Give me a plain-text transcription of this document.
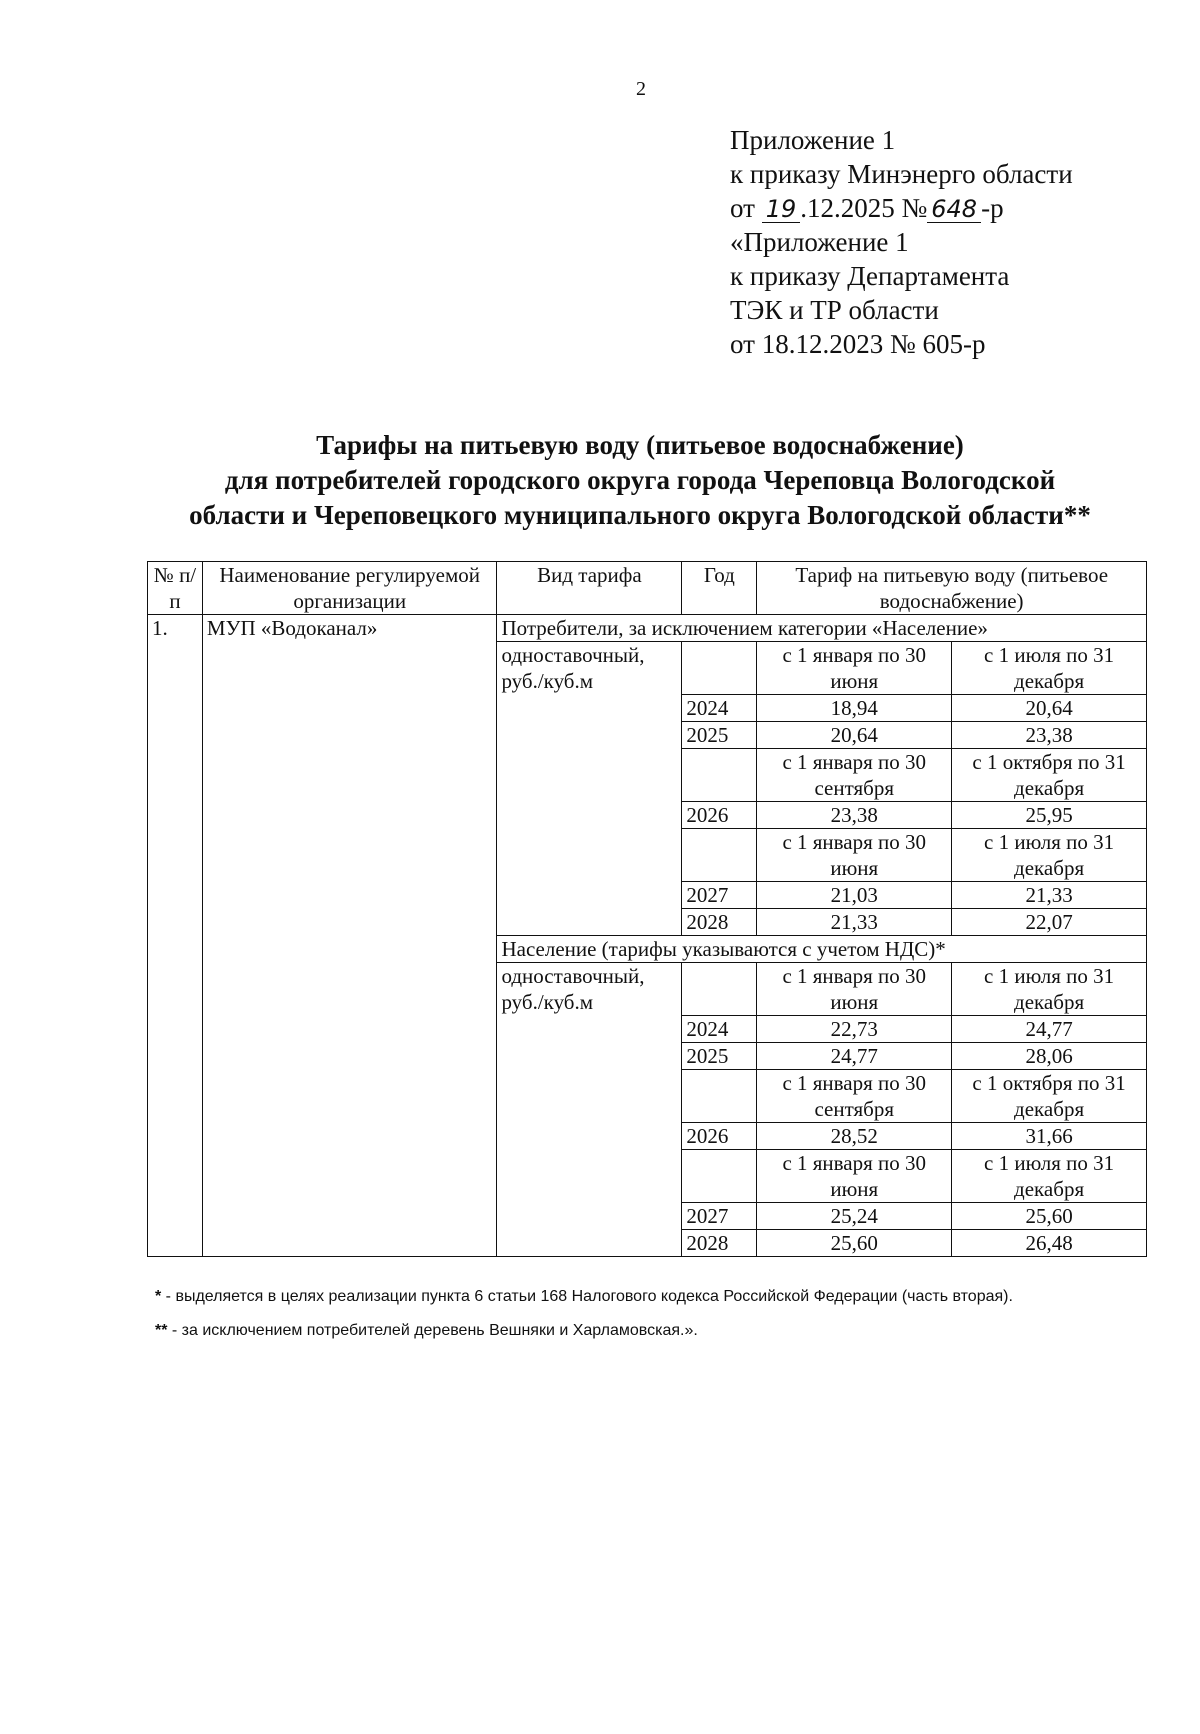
2
Приложение 1
к приказу Минэнерго области
от 19 .12.2025 № 648 -р
«Приложение 1
к приказу Департамента
ТЭК и ТР области
от 18.12.2023 № 605-р
Тарифы на питьевую воду (питьевое водоснабжение)
для потребителей городского округа города Череповца Вологодской
области и Череповецкого муниципального округа Вологодской области**
№ п/п	Наименование регулируемой организации	Вид тарифа	Год	Тариф на питьевую воду (питьевое водоснабжение)	
1.	МУП «Водоканал»	Потребители, за исключением категории «Население»			
		одноставочный, руб./куб.м		с 1 января по 30 июня	с 1 июля по 31 декабря
			2024	18,94	20,64
			2025	20,64	23,38
				с 1 января по 30 сентября	с 1 октября по 31 декабря
			2026	23,38	25,95
				с 1 января по 30 июня	с 1 июля по 31 декабря
			2027	21,03	21,33
			2028	21,33	22,07
		Население (тарифы указываются с учетом НДС)*			
		одноставочный, руб./куб.м		с 1 января по 30 июня	с 1 июля по 31 декабря
			2024	22,73	24,77
			2025	24,77	28,06
				с 1 января по 30 сентября	с 1 октября по 31 декабря
			2026	28,52	31,66
				с 1 января по 30 июня	с 1 июля по 31 декабря
			2027	25,24	25,60
			2028	25,60	26,48
* - выделяется в целях реализации пункта 6 статьи 168 Налогового кодекса Российской Федерации (часть вторая).
** - за исключением потребителей деревень Вешняки и Харламовская.».
